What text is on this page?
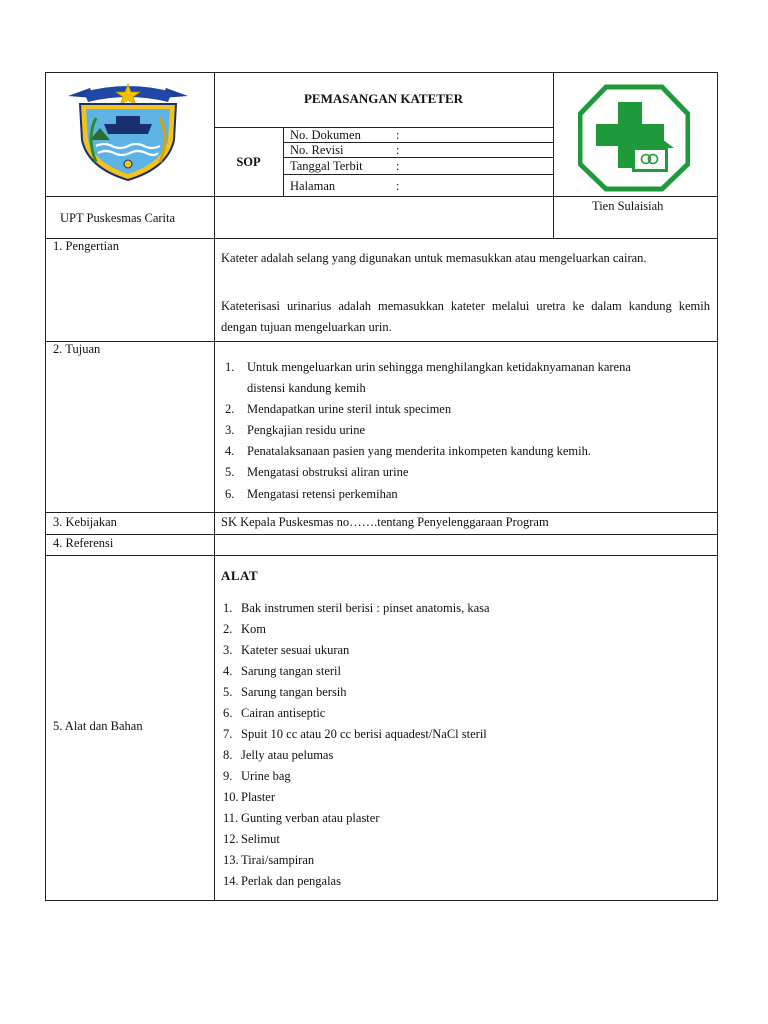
PEMASANGAN KATETER
SOP
No. Dokumen	:
No. Revisi	:
Tanggal Terbit	:
Halaman	:
UPT Puskesmas Carita
Tien Sulaisiah
1. Pengertian
Kateter adalah selang yang digunakan untuk memasukkan atau mengeluarkan cairan.
Kateterisasi urinarius adalah memasukkan kateter melalui uretra ke dalam kandung kemih dengan tujuan mengeluarkan urin.
2. Tujuan
1. Untuk mengeluarkan urin sehingga menghilangkan ketidaknyamanan karena
distensi kandung kemih
2. Mendapatkan urine steril intuk specimen
3. Pengkajian residu urine
4. Penatalaksanaan pasien yang menderita inkompeten kandung kemih.
5. Mengatasi obstruksi aliran urine
6. Mengatasi retensi perkemihan
3. Kebijakan	SK Kepala Puskesmas no…….tentang Penyelenggaraan Program
4. Referensi
5. Alat dan Bahan
ALAT
1. Bak instrumen steril berisi : pinset anatomis, kasa
2. Kom
3. Kateter sesuai ukuran
4. Sarung tangan steril
5. Sarung tangan bersih
6. Cairan antiseptic
7. Spuit 10 cc atau 20 cc berisi aquadest/NaCl steril
8. Jelly atau pelumas
9. Urine bag
10. Plaster
11. Gunting verban atau plaster
12. Selimut
13. Tirai/sampiran
14. Perlak dan pengalas
